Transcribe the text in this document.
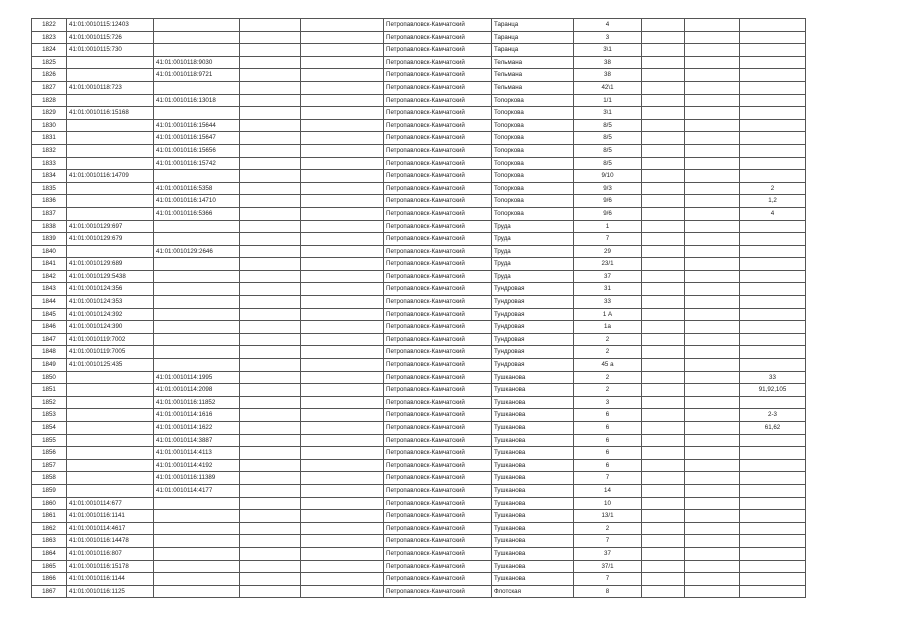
1822	41:01:0010115:12403				Петропавловск-Камчатский	Таранца	4			
1823	41:01:0010115:726				Петропавловск-Камчатский	Таранца	3			
1824	41:01:0010115:730				Петропавловск-Камчатский	Таранца	3\1			
1825		41:01:0010118:9030			Петропавловск-Камчатский	Тельмана	38			
1826		41:01:0010118:9721			Петропавловск-Камчатский	Тельмана	38			
1827	41:01:0010118:723				Петропавловск-Камчатский	Тельмана	42\1			
1828		41:01:0010116:13018			Петропавловск-Камчатский	Топоркова	1/1			
1829	41:01:0010116:15168				Петропавловск-Камчатский	Топоркова	3\1			
1830		41:01:0010116:15644			Петропавловск-Камчатский	Топоркова	8/5			
1831		41:01:0010116:15647			Петропавловск-Камчатский	Топоркова	8/5			
1832		41:01:0010116:15656			Петропавловск-Камчатский	Топоркова	8/5			
1833		41:01:0010116:15742			Петропавловск-Камчатский	Топоркова	8/5			
1834	41:01:0010116:14709				Петропавловск-Камчатский	Топоркова	9/10			
1835		41:01:0010116:5358			Петропавловск-Камчатский	Топоркова	9/3			2
1836		41:01:0010116:14710			Петропавловск-Камчатский	Топоркова	9/6			1,2
1837		41:01:0010116:5366			Петропавловск-Камчатский	Топоркова	9/6			4
1838	41:01:0010129:697				Петропавловск-Камчатский	Труда	1			
1839	41:01:0010129:679				Петропавловск-Камчатский	Труда	7			
1840		41:01:0010129:2646			Петропавловск-Камчатский	Труда	29			
1841	41:01:0010129:689				Петропавловск-Камчатский	Труда	23/1			
1842	41:01:0010129:5438				Петропавловск-Камчатский	Труда	37			
1843	41:01:0010124:356				Петропавловск-Камчатский	Тундровая	31			
1844	41:01:0010124:353				Петропавловск-Камчатский	Тундровая	33			
1845	41:01:0010124:392				Петропавловск-Камчатский	Тундровая	1 А			
1846	41:01:0010124:390				Петропавловск-Камчатский	Тундровая	1а			
1847	41:01:0010119:7002				Петропавловск-Камчатский	Тундровая	2			
1848	41:01:0010119:7005				Петропавловск-Камчатский	Тундровая	2			
1849	41:01:0010125:435				Петропавловск-Камчатский	Тундровая	45 а			
1850		41:01:0010114:1995			Петропавловск-Камчатский	Тушканова	2			33
1851		41:01:0010114:2098			Петропавловск-Камчатский	Тушканова	2			91,92,105
1852		41:01:0010116:11852			Петропавловск-Камчатский	Тушканова	3			
1853		41:01:0010114:1616			Петропавловск-Камчатский	Тушканова	6			2-3
1854		41:01:0010114:1622			Петропавловск-Камчатский	Тушканова	6			61,62
1855		41:01:0010114:3887			Петропавловск-Камчатский	Тушканова	6			
1856		41:01:0010114:4113			Петропавловск-Камчатский	Тушканова	6			
1857		41:01:0010114:4192			Петропавловск-Камчатский	Тушканова	6			
1858		41:01:0010116:11389			Петропавловск-Камчатский	Тушканова	7			
1859		41:01:0010114:4177			Петропавловск-Камчатский	Тушканова	14			
1860	41:01:0010114:677				Петропавловск-Камчатский	Тушканова	10			
1861	41:01:0010116:1141				Петропавловск-Камчатский	Тушканова	13/1			
1862	41:01:0010114:4617				Петропавловск-Камчатский	Тушканова	2			
1863	41:01:0010116:14478				Петропавловск-Камчатский	Тушканова	7			
1864	41:01:0010116:807				Петропавловск-Камчатский	Тушканова	37			
1865	41:01:0010116:15178				Петропавловск-Камчатский	Тушканова	37/1			
1866	41:01:0010116:1144				Петропавловск-Камчатский	Тушканова	7			
1867	41:01:0010116:1125				Петропавловск-Камчатский	Флотская	8			
